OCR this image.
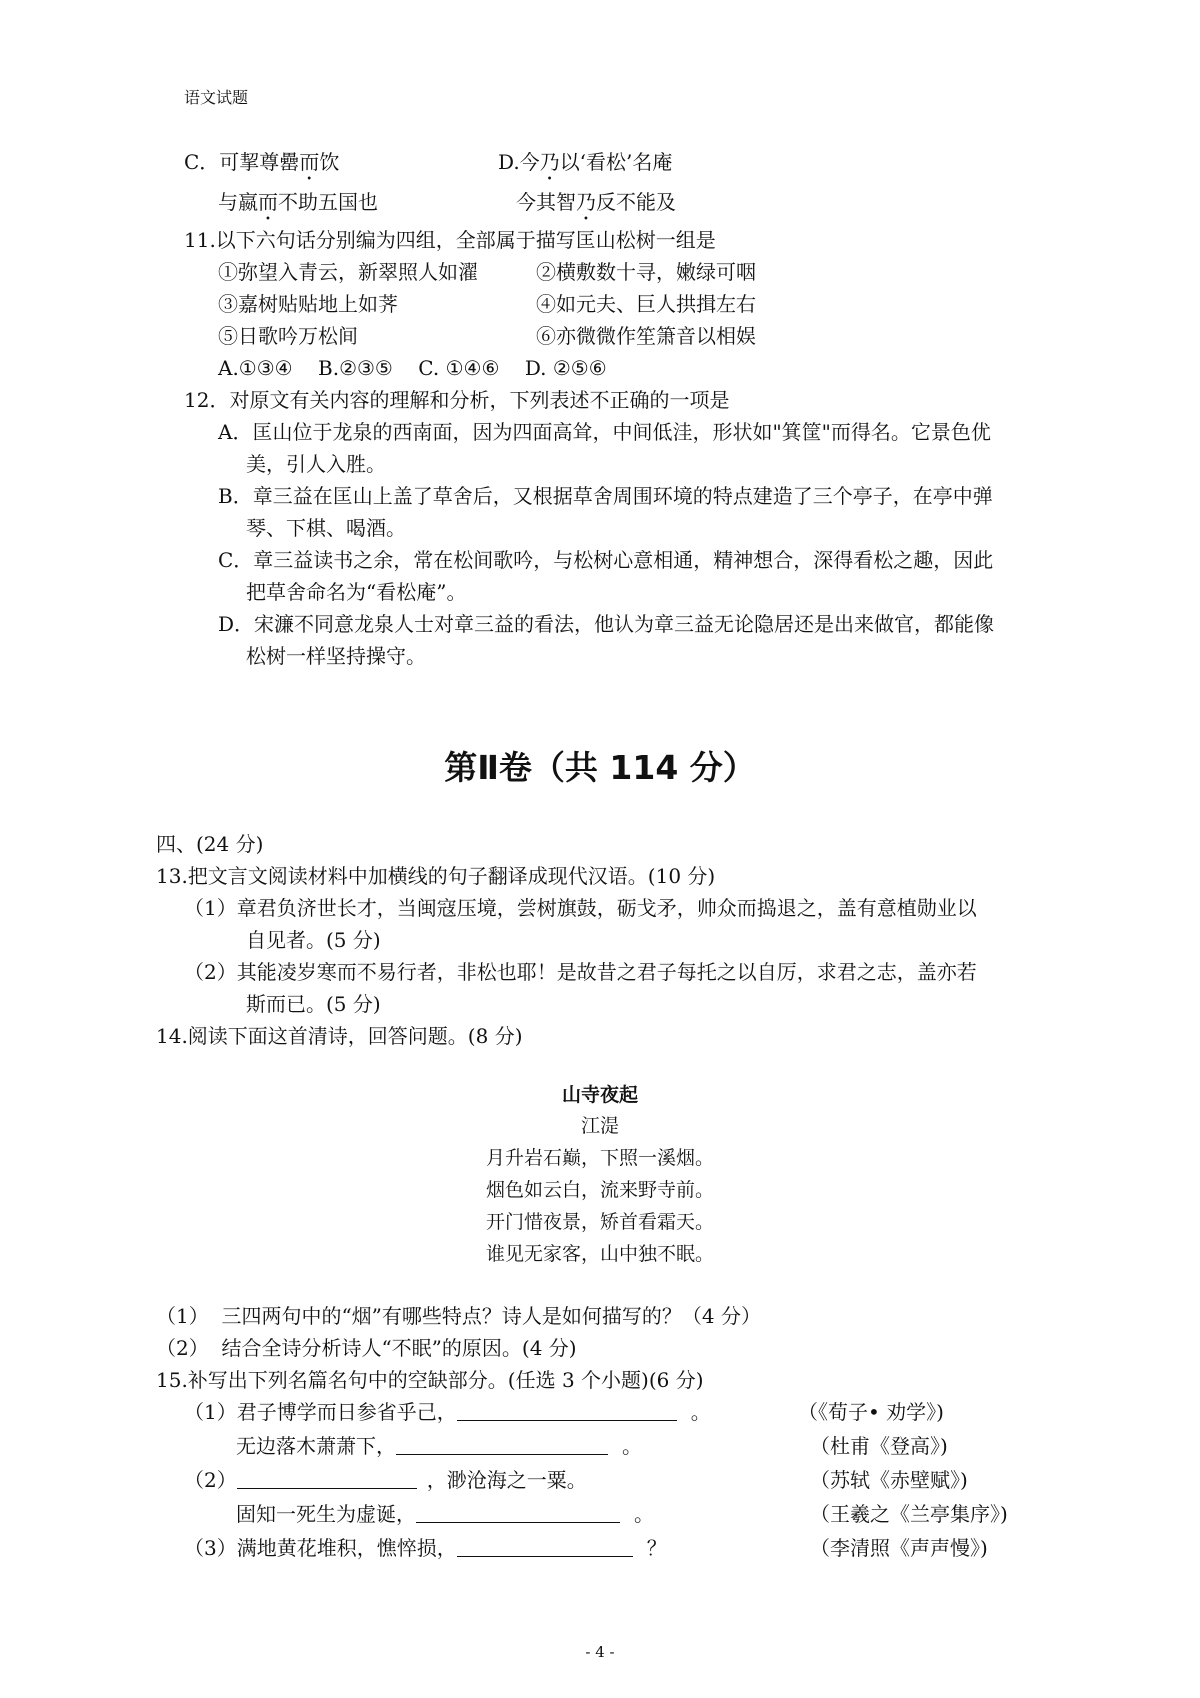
语文试题
C．可挈尊罍而饮	D.今乃以‘看松’名庵
与嬴而不助五国也	今其智乃反不能及
11.以下六句话分别编为四组，全部属于描写匡山松树一组是
①弥望入青云，新翠照人如濯	②横敷数十寻，嫩绿可咽
③嘉树贴贴地上如荠	④如元夫、巨人拱揖左右
⑤日歌吟万松间	⑥亦微微作笙箫音以相娱
A.①③④    B.②③⑤    C. ①④⑥    D. ②⑤⑥
12．对原文有关内容的理解和分析，下列表述不正确的一项是
A．匡山位于龙泉的西南面，因为四面高耸，中间低洼，形状如"箕筐"而得名。它景色优
美，引人入胜。
B．章三益在匡山上盖了草舍后，又根据草舍周围环境的特点建造了三个亭子，在亭中弹
琴、下棋、喝酒。
C．章三益读书之余，常在松间歌吟，与松树心意相通，精神想合，深得看松之趣，因此
把草舍命名为“看松庵”。
D．宋濂不同意龙泉人士对章三益的看法，他认为章三益无论隐居还是出来做官，都能像
松树一样坚持操守。
第Ⅱ卷（共 114 分）
四、(24 分)
13.把文言文阅读材料中加横线的句子翻译成现代汉语。(10 分)
（1）章君负济世长才，当闽寇压境，尝树旗鼓，砺戈矛，帅众而捣退之，盖有意植勋业以
自见者。(5 分)
（2）其能凌岁寒而不易行者，非松也耶！是故昔之君子每托之以自厉，求君之志，盖亦若
斯而已。(5 分)
14.阅读下面这首清诗，回答问题。(8 分)
山寺夜起
江湜
月升岩石巅，下照一溪烟。
烟色如云白，流来野寺前。
开门惜夜景，矫首看霜天。
谁见无家客，山中独不眠。
（1）  三四两句中的“烟”有哪些特点？诗人是如何描写的？（4 分）
（2）  结合全诗分析诗人“不眠”的原因。(4 分)
15.补写出下列名篇名句中的空缺部分。(任选 3 个小题)(6 分)
（1）君子博学而日参省乎己，	。	（《荀子• 劝学》)
无边落木萧萧下，	。	（杜甫《登高》)
（2）	，渺沧海之一粟。	（苏轼《赤壁赋》)
固知一死生为虚诞，	。	（王羲之《兰亭集序》)
（3）满地黄花堆积，憔悴损，	？	（李清照《声声慢》)
- 4 -
